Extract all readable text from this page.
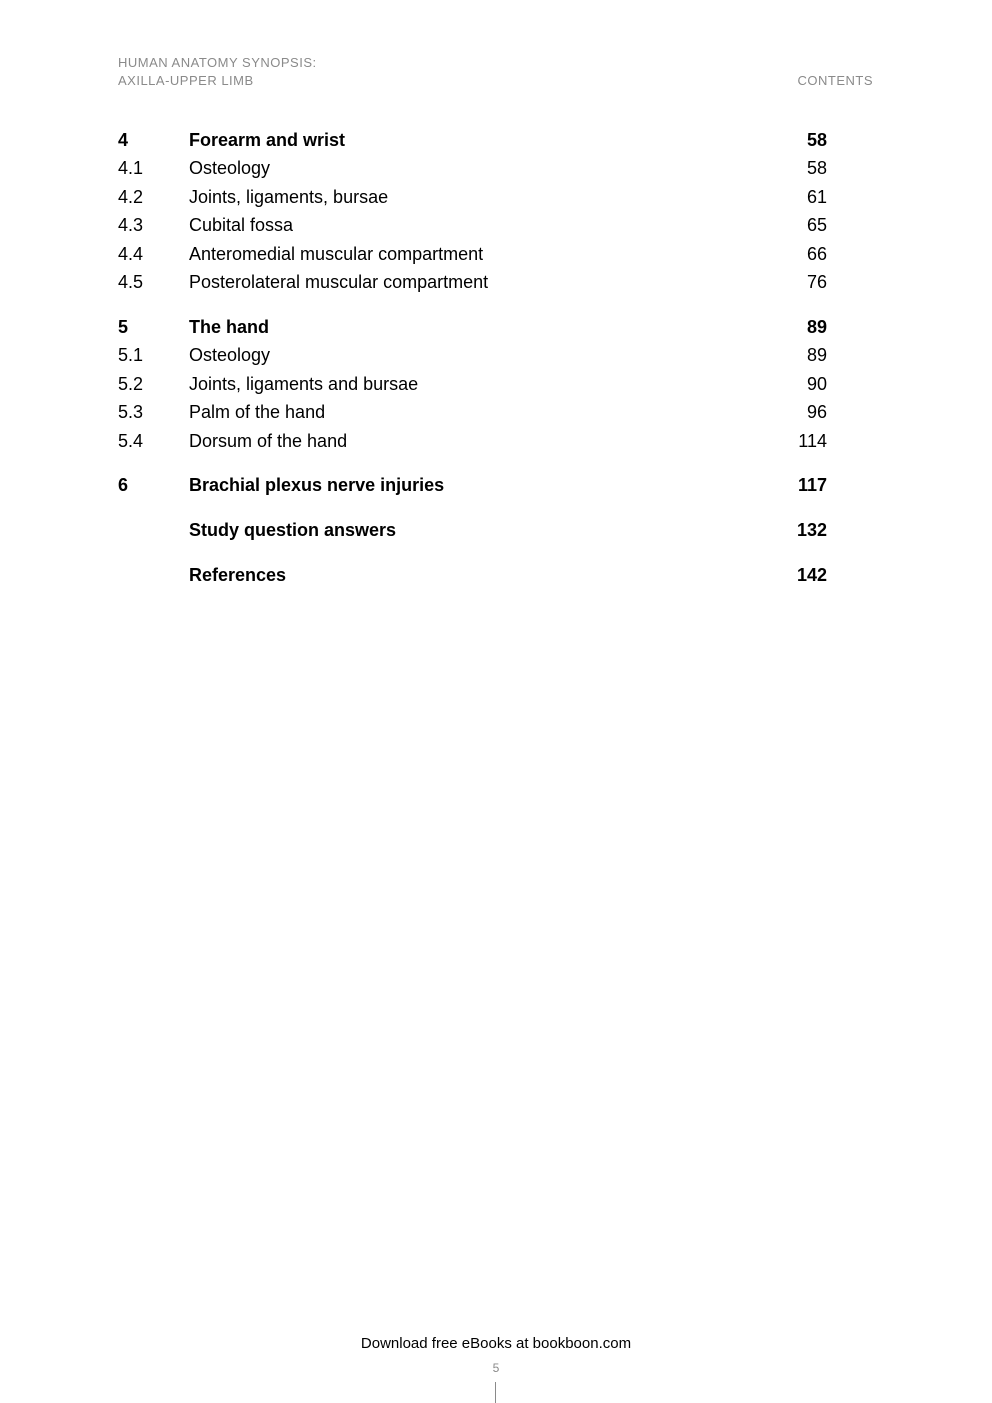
HUMAN ANATOMY SYNOPSIS:
AXILLA-UPPER LIMB	CONTENTS
4	Forearm and wrist	58
4.1	Osteology	58
4.2	Joints, ligaments, bursae	61
4.3	Cubital fossa	65
4.4	Anteromedial muscular compartment	66
4.5	Posterolateral muscular compartment	76
5	The hand	89
5.1	Osteology	89
5.2	Joints, ligaments and bursae	90
5.3	Palm of the hand	96
5.4	Dorsum of the hand	114
6	Brachial plexus nerve injuries	117
Study question answers	132
References	142
Download free eBooks at bookboon.com
5
